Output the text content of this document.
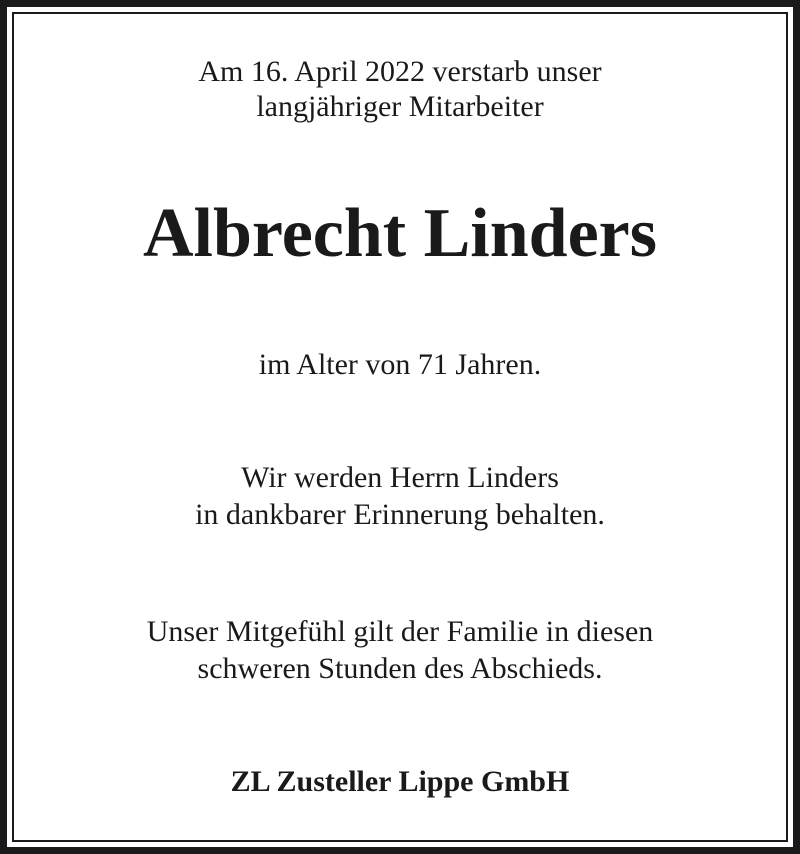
Am 16. April 2022 verstarb unser
langjähriger Mitarbeiter
Albrecht Linders
im Alter von 71 Jahren.
Wir werden Herrn Linders
in dankbarer Erinnerung behalten.
Unser Mitgefühl gilt der Familie in diesen
schweren Stunden des Abschieds.
ZL Zusteller Lippe GmbH
